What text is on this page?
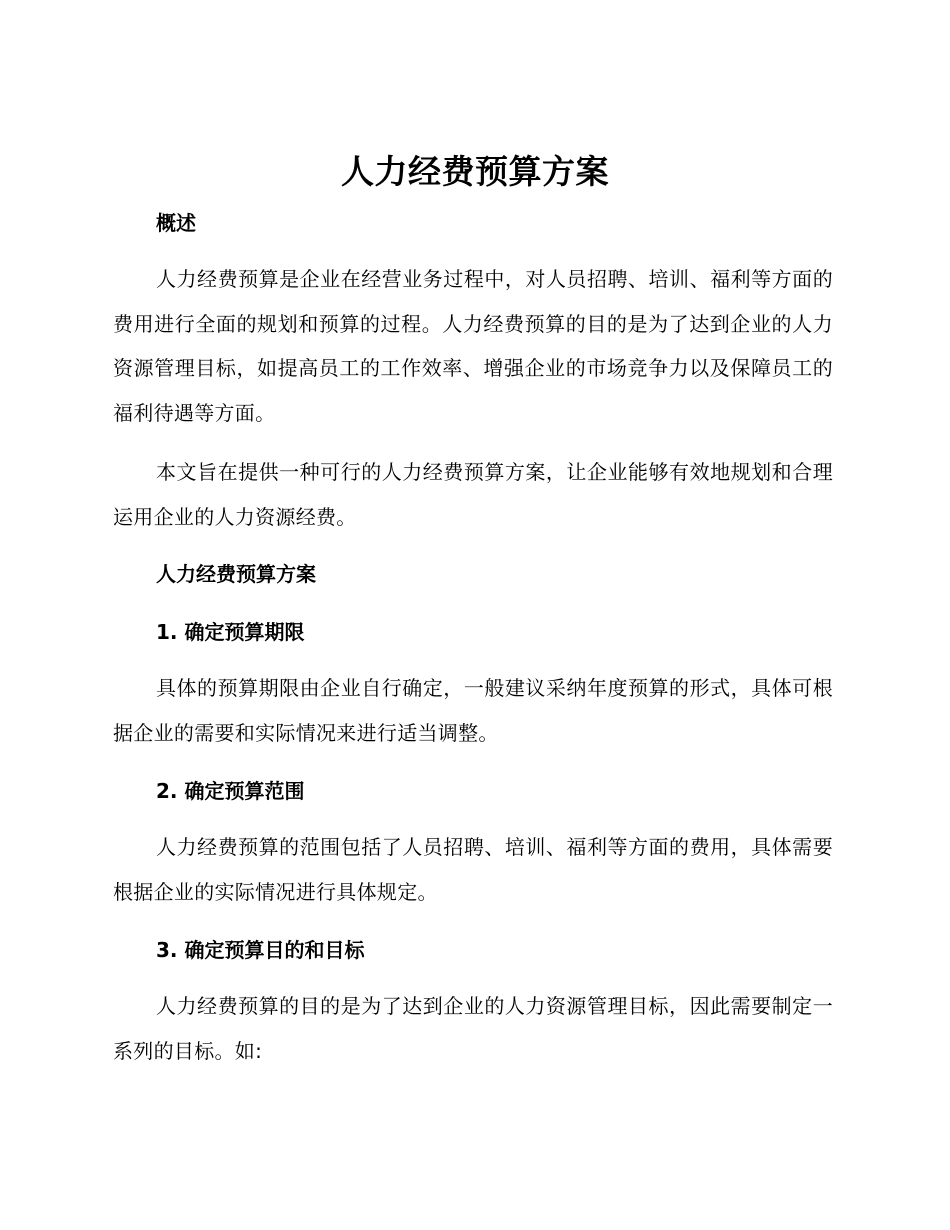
人力经费预算方案
概述

人力经费预算是企业在经营业务过程中，对人员招聘、培训、福利等方面的费用进行全面的规划和预算的过程。人力经费预算的目的是为了达到企业的人力资源管理目标，如提高员工的工作效率、增强企业的市场竞争力以及保障员工的福利待遇等方面。

本文旨在提供一种可行的人力经费预算方案，让企业能够有效地规划和合理运用企业的人力资源经费。

人力经费预算方案
1. 确定预算期限

具体的预算期限由企业自行确定，一般建议采纳年度预算的形式，具体可根据企业的需要和实际情况来进行适当调整。

2. 确定预算范围

人力经费预算的范围包括了人员招聘、培训、福利等方面的费用，具体需要根据企业的实际情况进行具体规定。

3. 确定预算目的和目标

人力经费预算的目的是为了达到企业的人力资源管理目标，因此需要制定一系列的目标。如:
